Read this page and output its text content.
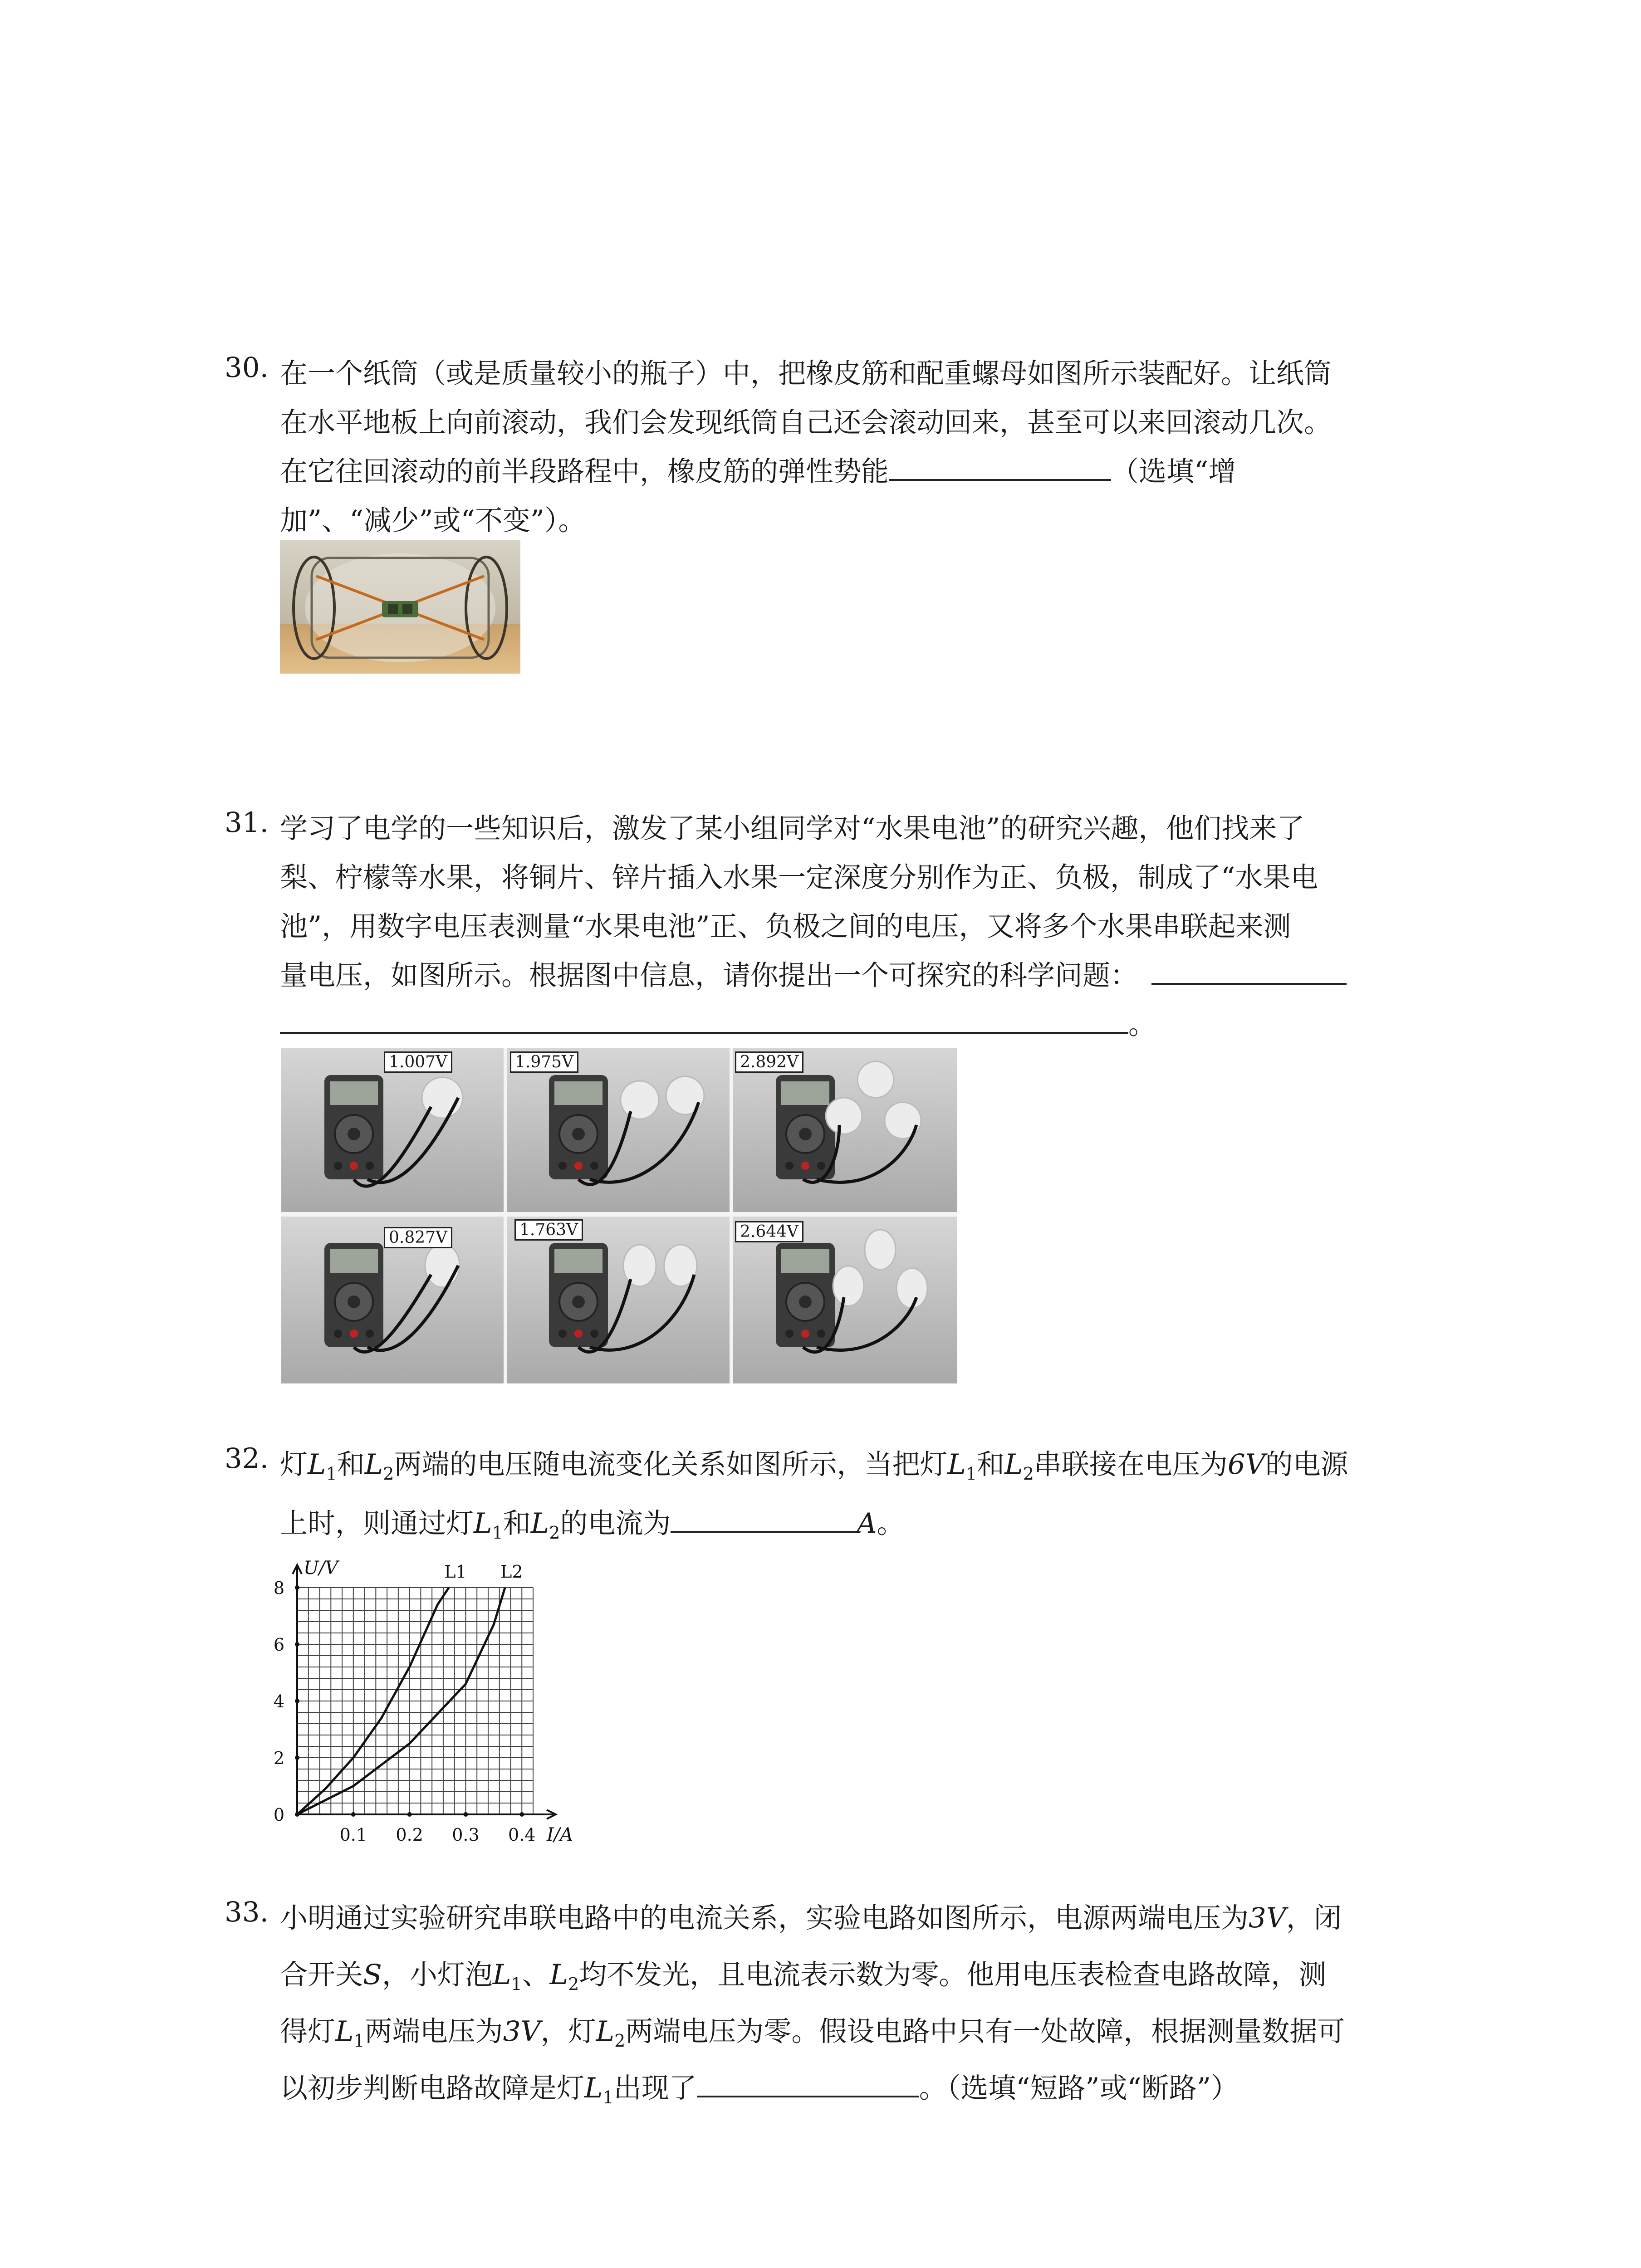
30. 在一个纸筒（或是质量较小的瓶子）中，把橡皮筋和配重螺母如图所示装配好。让纸筒
在水平地板上向前滚动，我们会发现纸筒自己还会滚动回来，甚至可以来回滚动几次。
在它往回滚动的前半段路程中，橡皮筋的弹性势能	（选填“增
加”、“减少”或“不变”）。
31. 学习了电学的一些知识后，激发了某小组同学对“水果电池”的研究兴趣，他们找来了
梨、柠檬等水果，将铜片、锌片插入水果一定深度分别作为正、负极，制成了“水果电
池”，用数字电压表测量“水果电池”正、负极之间的电压，又将多个水果串联起来测
量电压，如图所示。根据图中信息，请你提出一个可探究的科学问题：
。
1.007V	1.975V	2.892V
0.827V	1.763V	2.644V
32. 灯$L_1$和$L_2$两端的电压随电流变化关系如图所示，当把灯$L_1$和$L_2$串联接在电压为6V的电源
上时，则通过灯$L_1$和$L_2$的电流为	A。
0
2
4
6
8
0.1 0.2 0.3 0.4
U/V
I/A
L1 L2
33. 小明通过实验研究串联电路中的电流关系，实验电路如图所示，电源两端电压为3V，闭
合开关S，小灯泡$L_1$、$L_2$均不发光，且电流表示数为零。他用电压表检查电路故障，测
得灯$L_1$两端电压为3V，灯$L_2$两端电压为零。假设电路中只有一处故障，根据测量数据可
以初步判断电路故障是灯$L_1$出现了	。（选填“短路”或“断路”）
